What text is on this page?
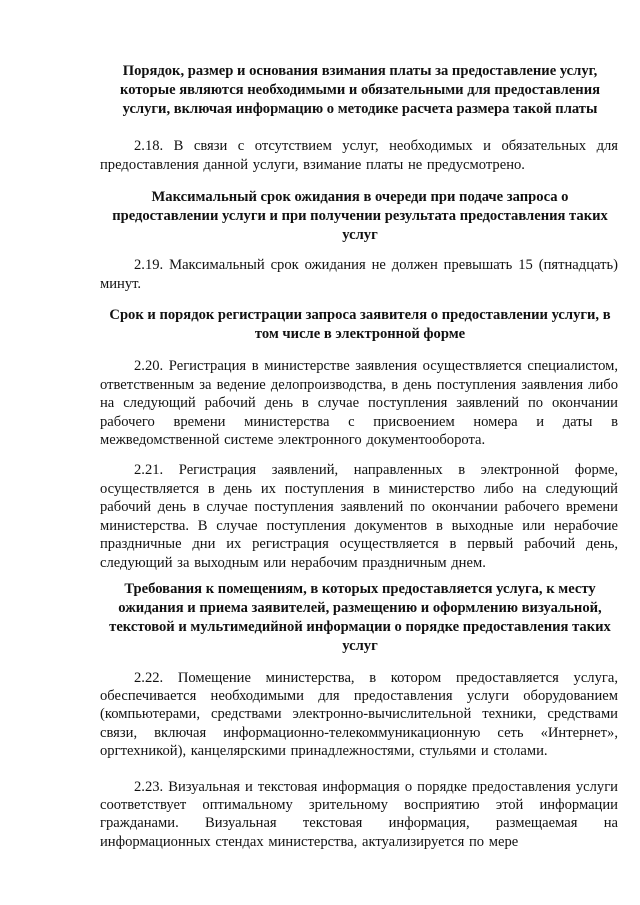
Порядок, размер и основания взимания платы за предоставление услуг, которые являются необходимыми и обязательными для предоставления услуги, включая информацию о методике расчета размера такой платы
2.18. В связи с отсутствием услуг, необходимых и обязательных для предоставления данной услуги, взимание платы не предусмотрено.
Максимальный срок ожидания в очереди при подаче запроса о предоставлении услуги и при получении результата предоставления таких услуг
2.19. Максимальный срок ожидания не должен превышать 15 (пятнадцать) минут.
Срок и порядок регистрации запроса заявителя о предоставлении услуги, в том числе в электронной форме
2.20. Регистрация в министерстве заявления осуществляется специалистом, ответственным за ведение делопроизводства, в день поступления заявления либо на следующий рабочий день в случае поступления заявлений по окончании рабочего времени министерства с присвоением номера и даты в межведомственной системе электронного документооборота.
2.21. Регистрация заявлений, направленных в электронной форме, осуществляется в день их поступления в министерство либо на следующий рабочий день в случае поступления заявлений по окончании рабочего времени министерства. В случае поступления документов в выходные или нерабочие праздничные дни их регистрация осуществляется в первый рабочий день, следующий за выходным или нерабочим праздничным днем.
Требования к помещениям, в которых предоставляется услуга, к месту ожидания и приема заявителей, размещению и оформлению визуальной, текстовой и мультимедийной информации о порядке предоставления таких услуг
2.22. Помещение министерства, в котором предоставляется услуга, обеспечивается необходимыми для предоставления услуги оборудованием (компьютерами, средствами электронно-вычислительной техники, средствами связи, включая информационно-телекоммуникационную сеть «Интернет», оргтехникой), канцелярскими принадлежностями, стульями и столами.
2.23. Визуальная и текстовая информация о порядке предоставления услуги соответствует оптимальному зрительному восприятию этой информации гражданами. Визуальная текстовая информация, размещаемая на информационных стендах министерства, актуализируется по мере
